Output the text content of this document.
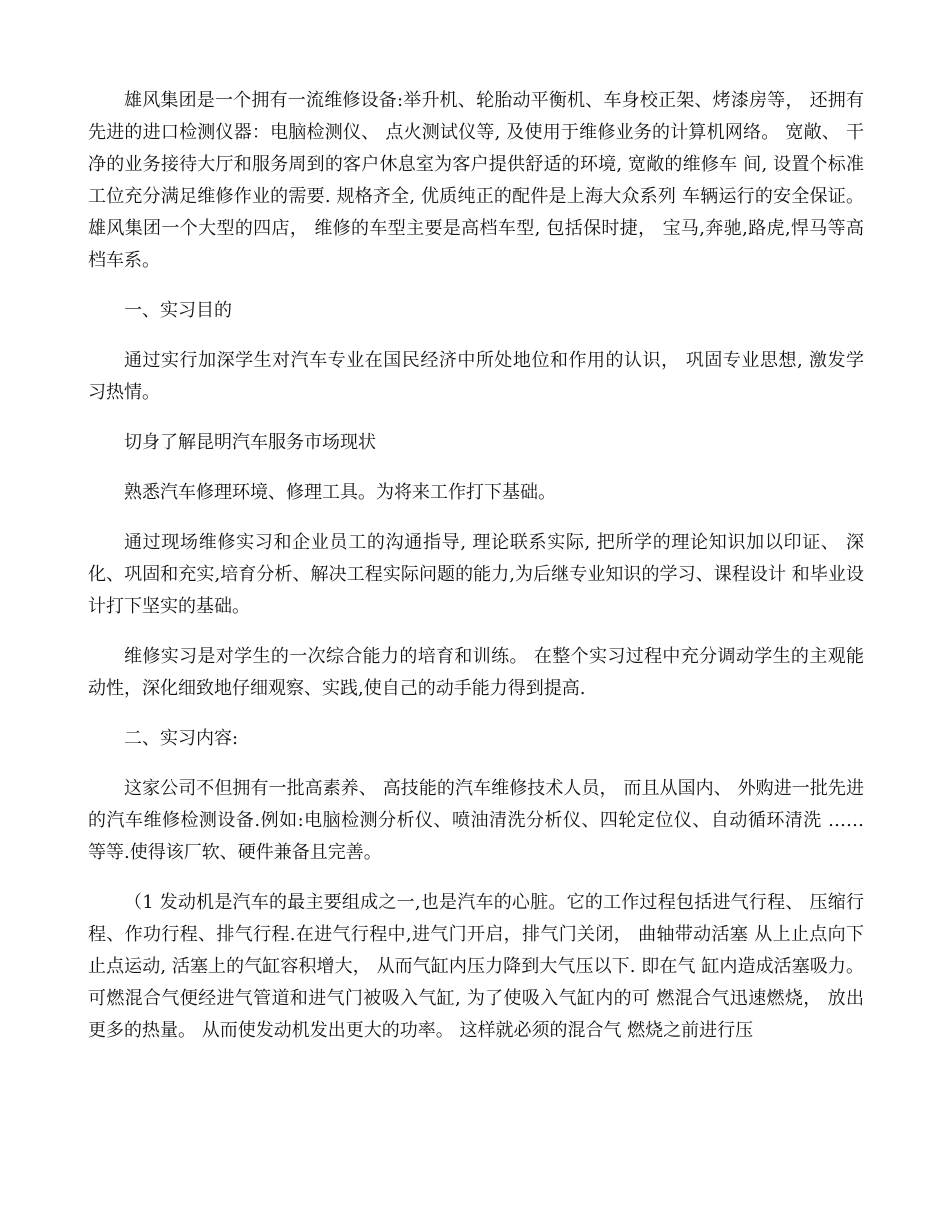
雄风集团是一个拥有一流维修设备:举升机、轮胎动平衡机、车身校正架、烤漆房等， 还拥有先进的进口检测仪器：电脑检测仪、 点火测试仪等, 及使用于维修业务的计算机网络。 宽敞、 干净的业务接待大厅和服务周到的客户休息室为客户提供舒适的环境, 宽敞的维修车 间, 设置个标准工位充分满足维修作业的需要. 规格齐全, 优质纯正的配件是上海大众系列 车辆运行的安全保证。 雄风集团一个大型的四店， 维修的车型主要是高档车型, 包括保时捷， 宝马,奔驰,路虎,悍马等高档车系。

一、实习目的

通过实行加深学生对汽车专业在国民经济中所处地位和作用的认识， 巩固专业思想, 激发学 习热情。

切身了解昆明汽车服务市场现状

熟悉汽车修理环境、修理工具。为将来工作打下基础。

通过现场维修实习和企业员工的沟通指导, 理论联系实际, 把所学的理论知识加以印证、 深化、巩固和充实,培育分析、解决工程实际问题的能力,为后继专业知识的学习、课程设计 和毕业设计打下坚实的基础。

维修实习是对学生的一次综合能力的培育和训练。 在整个实习过程中充分调动学生的主观能 动性，深化细致地仔细观察、实践,使自己的动手能力得到提高.

二、实习内容:

这家公司不但拥有一批高素养、 高技能的汽车维修技术人员， 而且从国内、 外购进一批先进 的汽车维修检测设备.例如:电脑检测分析仪、喷油清洗分析仪、四轮定位仪、自动循环清洗 …… 等等.使得该厂软、硬件兼备且完善。

（1 发动机是汽车的最主要组成之一,也是汽车的心脏。它的工作过程包括进气行程、 压缩行程、作功行程、排气行程.在进气行程中,进气门开启，排气门关闭， 曲轴带动活塞 从上止点向下止点运动, 活塞上的气缸容积增大， 从而气缸内压力降到大气压以下. 即在气 缸内造成活塞吸力。 可燃混合气便经进气管道和进气门被吸入气缸, 为了使吸入气缸内的可 燃混合气迅速燃烧， 放出更多的热量。 从而使发动机发出更大的功率。 这样就必须的混合气 燃烧之前进行压
